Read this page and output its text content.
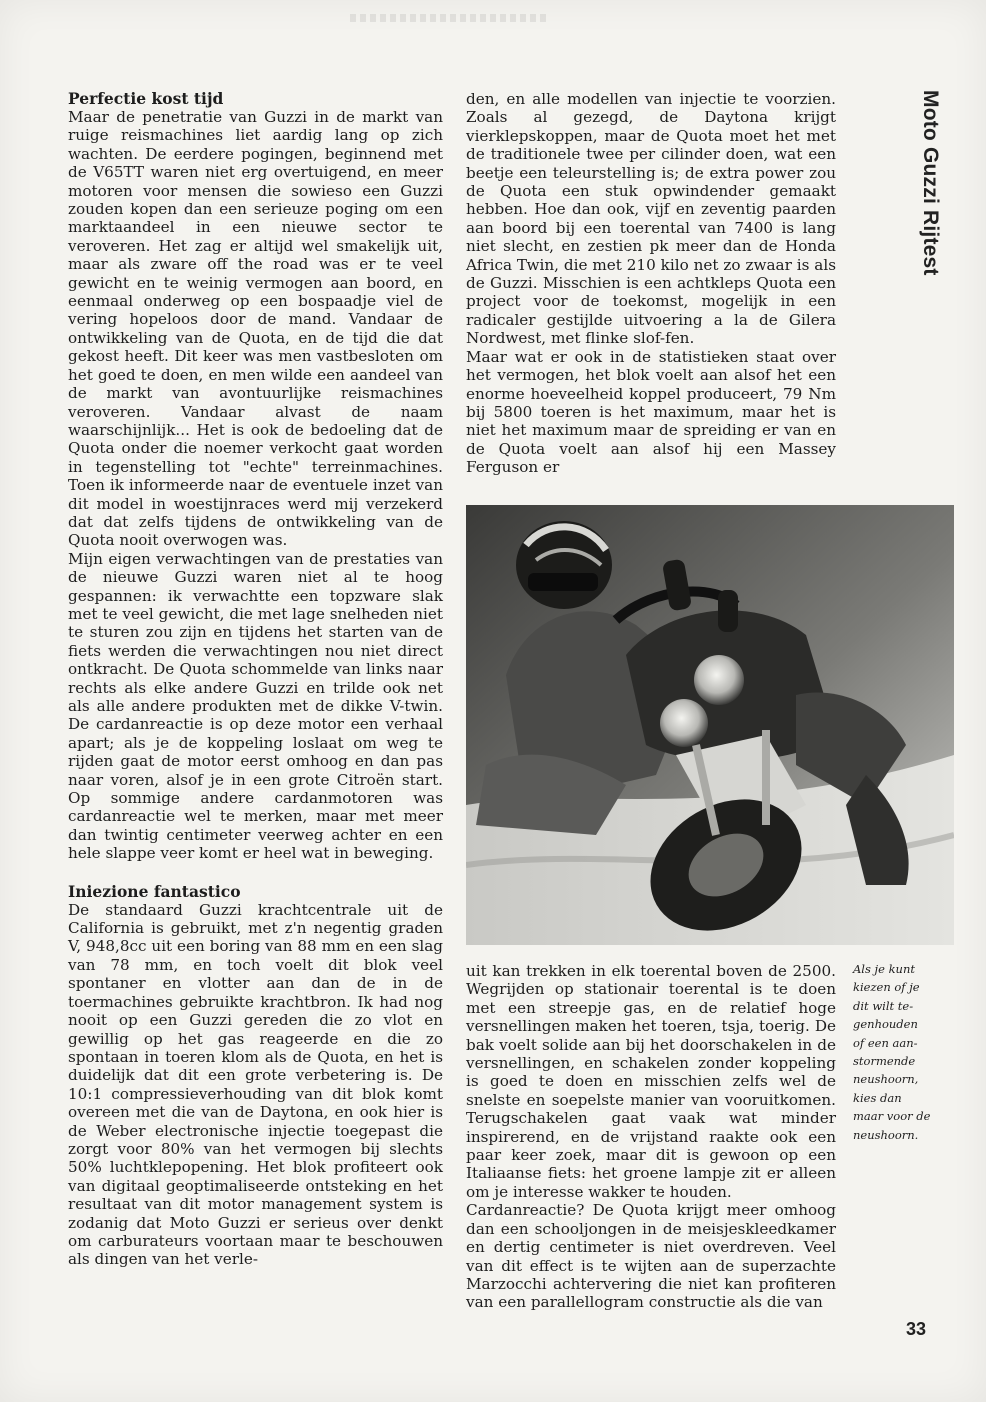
Moto Guzzi Rijtest
Perfectie kost tijd

Maar de penetratie van Guzzi in de markt van ruige reismachines liet aardig lang op zich wachten. De eerdere pogingen, beginnend met de V65TT waren niet erg overtuigend, en meer motoren voor mensen die sowieso een Guzzi zouden kopen dan een serieuze poging om een marktaandeel in een nieuwe sector te veroveren. Het zag er altijd wel smakelijk uit, maar als zware off the road was er te veel gewicht en te weinig vermogen aan boord, en eenmaal onderweg op een bospaadje viel de vering hopeloos door de mand. Vandaar de ontwikkeling van de Quota, en de tijd die dat gekost heeft. Dit keer was men vastbesloten om het goed te doen, en men wilde een aandeel van de markt van avontuurlijke reismachines veroveren. Vandaar alvast de naam waarschijnlijk... Het is ook de bedoeling dat de Quota onder die noemer verkocht gaat worden in tegenstelling tot "echte" terreinmachines. Toen ik informeerde naar de eventuele inzet van dit model in woestijnraces werd mij verzekerd dat dat zelfs tijdens de ontwikkeling van de Quota nooit overwogen was.

Mijn eigen verwachtingen van de prestaties van de nieuwe Guzzi waren niet al te hoog gespannen: ik verwachtte een topzware slak met te veel gewicht, die met lage snelheden niet te sturen zou zijn en tijdens het starten van de fiets werden die verwachtingen nou niet direct ontkracht. De Quota schommelde van links naar rechts als elke andere Guzzi en trilde ook net als alle andere produkten met de dikke V-twin. De cardanreactie is op deze motor een verhaal apart; als je de koppeling loslaat om weg te rijden gaat de motor eerst omhoog en dan pas naar voren, alsof je in een grote Citroën start. Op sommige andere cardanmotoren was cardanreactie wel te merken, maar met meer dan twintig centimeter veerweg achter en een hele slappe veer komt er heel wat in beweging.

Iniezione fantastico

De standaard Guzzi krachtcentrale uit de California is gebruikt, met z'n negentig graden V, 948,8cc uit een boring van 88 mm en een slag van 78 mm, en toch voelt dit blok veel spontaner en vlotter aan dan de in de toermachines gebruikte krachtbron. Ik had nog nooit op een Guzzi gereden die zo vlot en gewillig op het gas reageerde en die zo spontaan in toeren klom als de Quota, en het is duidelijk dat dit een grote verbetering is. De 10:1 compressieverhouding van dit blok komt overeen met die van de Daytona, en ook hier is de Weber electronische injectie toegepast die zorgt voor 80% van het vermogen bij slechts 50% luchtklepopening. Het blok profiteert ook van digitaal geoptimaliseerde ontsteking en het resultaat van dit motor management system is zodanig dat Moto Guzzi er serieus over denkt om carburateurs voortaan maar te beschouwen als dingen van het verle-

den, en alle modellen van injectie te voorzien. Zoals al gezegd, de Daytona krijgt vierklepskoppen, maar de Quota moet het met de traditionele twee per cilinder doen, wat een beetje een teleurstelling is; de extra power zou de Quota een stuk opwindender gemaakt hebben. Hoe dan ook, vijf en zeventig paarden aan boord bij een toerental van 7400 is lang niet slecht, en zestien pk meer dan de Honda Africa Twin, die met 210 kilo net zo zwaar is als de Guzzi. Misschien is een achtkleps Quota een project voor de toekomst, mogelijk in een radicaler gestijlde uitvoering a la de Gilera Nordwest, met flinke slof-fen.

Maar wat er ook in de statistieken staat over het vermogen, het blok voelt aan alsof het een enorme hoeveelheid koppel produceert, 79 Nm bij 5800 toeren is het maximum, maar het is niet het maximum maar de spreiding er van en de Quota voelt aan alsof hij een Massey Ferguson er

uit kan trekken in elk toerental boven de 2500. Wegrijden op stationair toerental is te doen met een streepje gas, en de relatief hoge versnellingen maken het toeren, tsja, toerig. De bak voelt solide aan bij het doorschakelen in de versnellingen, en schakelen zonder koppeling is goed te doen en misschien zelfs wel de snelste en soepelste manier van vooruitkomen. Terugschakelen gaat vaak wat minder inspirerend, en de vrijstand raakte ook een paar keer zoek, maar dit is gewoon op een Italiaanse fiets: het groene lampje zit er alleen om je interesse wakker te houden.

Cardanreactie? De Quota krijgt meer omhoog dan een schooljongen in de meisjeskleedkamer en dertig centimeter is niet overdreven. Veel van dit effect is te wijten aan de superzachte Marzocchi achtervering die niet kan profiteren van een parallellogram constructie als die van

Als je kunt
kiezen of je
dit wilt te-
genhouden
of een aan-
stormende
neushoorn,
kies dan
maar voor de
neushoorn.
33
